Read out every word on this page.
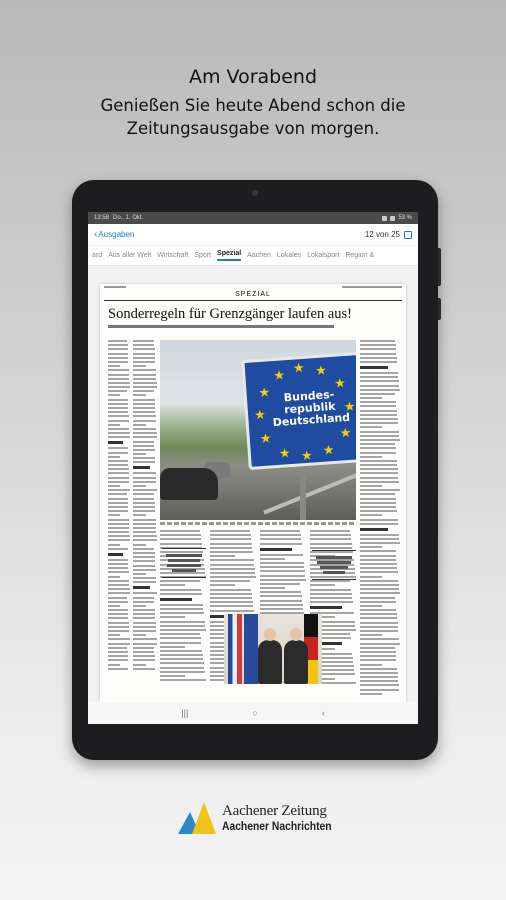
Am Vorabend
Genießen Sie heute Abend schon die Zeitungsausgabe von morgen.
13:58 Do., 1. Okt.	53 %
‹ Ausgaben	12 von 25
ard Aus aller Welt Wirtschaft Sport Spezial Aachen Lokales Lokalsport Region &
SPEZIAL
Sonderregeln für Grenzgänger laufen aus!
★ ★
★	★
★
★
★
★
★
★
★ ★
Bundes-
republik
Deutschland
|||	○	‹
Aachener Zeitung
Aachener Nachrichten
